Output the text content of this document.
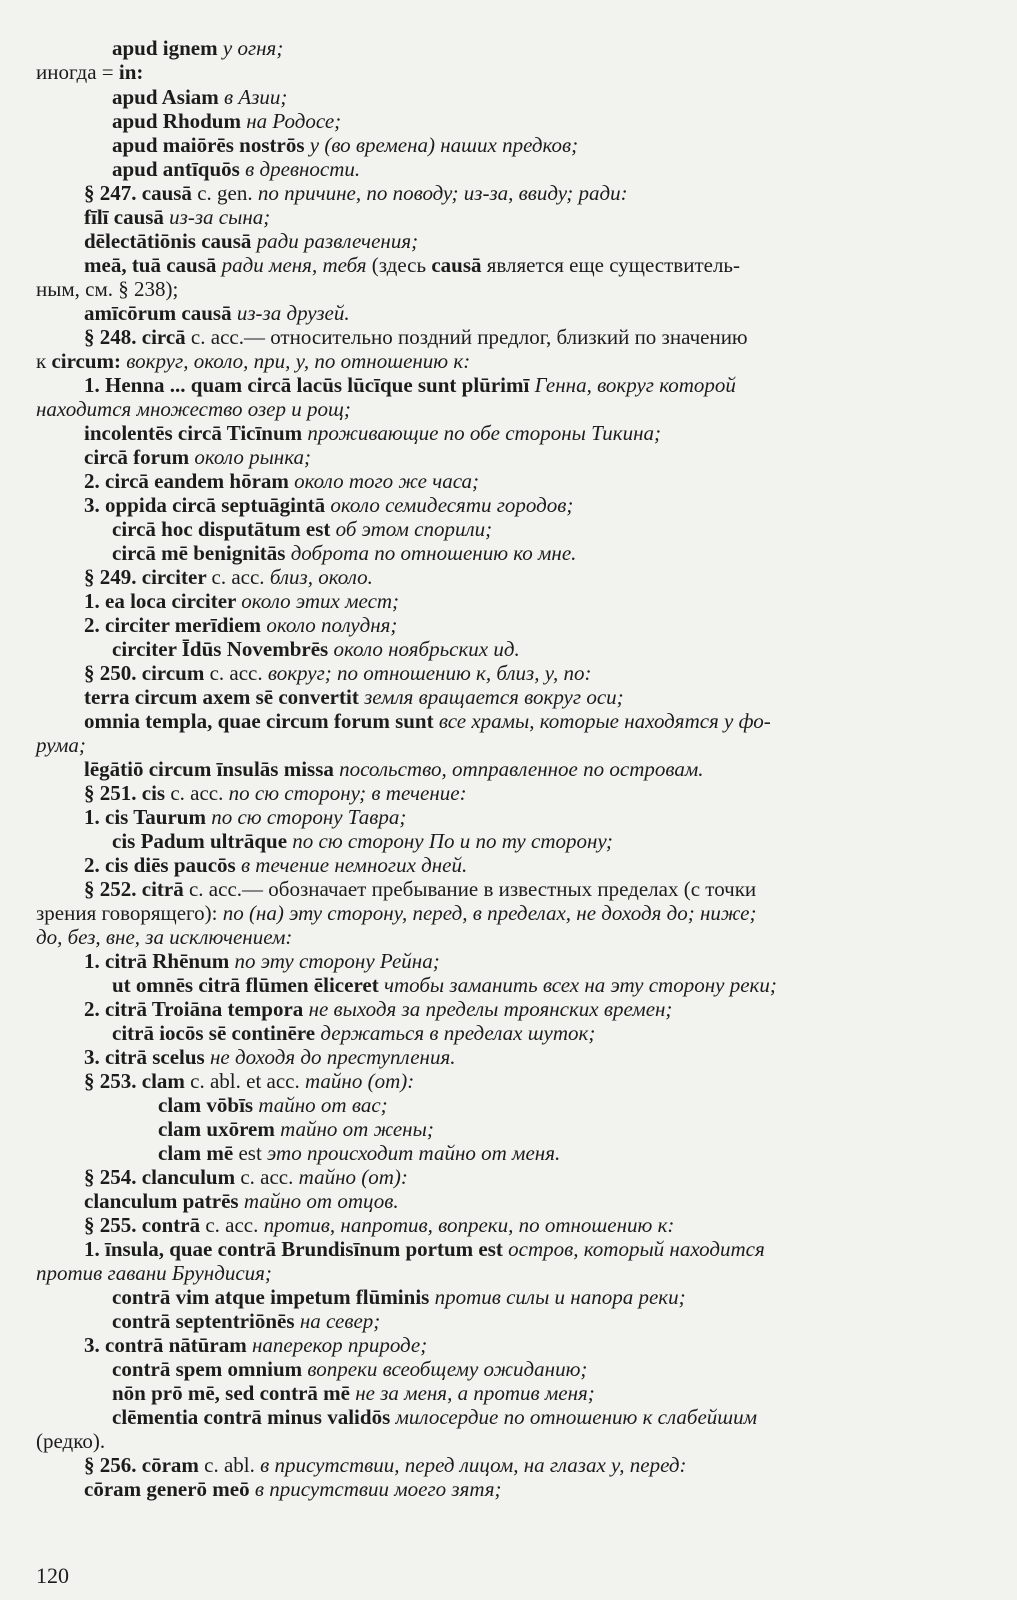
apud ignem у огня;
иногда = in:
apud Asiam в Азии;
apud Rhodum на Родосе;
apud maiōrēs nostrōs у (во времена) наших предков;
apud antīquōs в древности.
§ 247. causā c. gen. по причине, по поводу; из-за, ввиду; ради:
fīlī causā из-за сына;
dēlectātiōnis causā ради развлечения;
meā, tuā causā ради меня, тебя (здесь causā является еще существитель-
ным, см. § 238);
amīcōrum causā из-за друзей.
§ 248. circā c. acc.— относительно поздний предлог, близкий по значению
к circum: вокруг, около, при, у, по отношению к:
1. Henna ... quam circā lacūs lūcīque sunt plūrimī Генна, вокруг которой
находится множество озер и рощ;
incolentēs circā Ticīnum проживающие по обе стороны Тикина;
circā forum около рынка;
2. circā eandem hōram около того же часа;
3. oppida circā septuāgintā около семидесяти городов;
circā hoc disputātum est об этом спорили;
circā mē benignitās доброта по отношению ко мне.
§ 249. circiter c. acc. близ, около.
1. ea loca circiter около этих мест;
2. circiter merīdiem около полудня;
circiter Īdūs Novembrēs около ноябрьских ид.
§ 250. circum c. acc. вокруг; по отношению к, близ, у, по:
terra circum axem sē convertit земля вращается вокруг оси;
omnia templa, quae circum forum sunt все храмы, которые находятся у фо-
рума;
lēgātiō circum īnsulās missa посольство, отправленное по островам.
§ 251. cis c. acc. по сю сторону; в течение:
1. cis Taurum по сю сторону Тавра;
cis Padum ultrāque по сю сторону По и по ту сторону;
2. cis diēs paucōs в течение немногих дней.
§ 252. citrā c. acc.— обозначает пребывание в известных пределах (с точки
зрения говорящего): по (на) эту сторону, перед, в пределах, не доходя до; ниже;
до, без, вне, за исключением:
1. citrā Rhēnum по эту сторону Рейна;
ut omnēs citrā flūmen ēliceret чтобы заманить всех на эту сторону реки;
2. citrā Troiāna tempora не выходя за пределы троянских времен;
citrā iocōs sē continēre держаться в пределах шуток;
3. citrā scelus не доходя до преступления.
§ 253. clam c. abl. et acc. тайно (от):
clam vōbīs тайно от вас;
clam uxōrem тайно от жены;
clam mē est это происходит тайно от меня.
§ 254. clanculum c. acc. тайно (от):
clanculum patrēs тайно от отцов.
§ 255. contrā c. acc. против, напротив, вопреки, по отношению к:
1. īnsula, quae contrā Brundisīnum portum est остров, который находится
против гавани Брундисия;
contrā vim atque impetum flūminis против силы и напора реки;
contrā septentriōnēs на север;
3. contrā nātūram наперекор природе;
contrā spem omnium вопреки всеобщему ожиданию;
nōn prō mē, sed contrā mē не за меня, а против меня;
clēmentia contrā minus validōs милосердие по отношению к слабейшим
(редко).
§ 256. cōram c. abl. в присутствии, перед лицом, на глазах у, перед:
cōram generō meō в присутствии моего зятя;
120
